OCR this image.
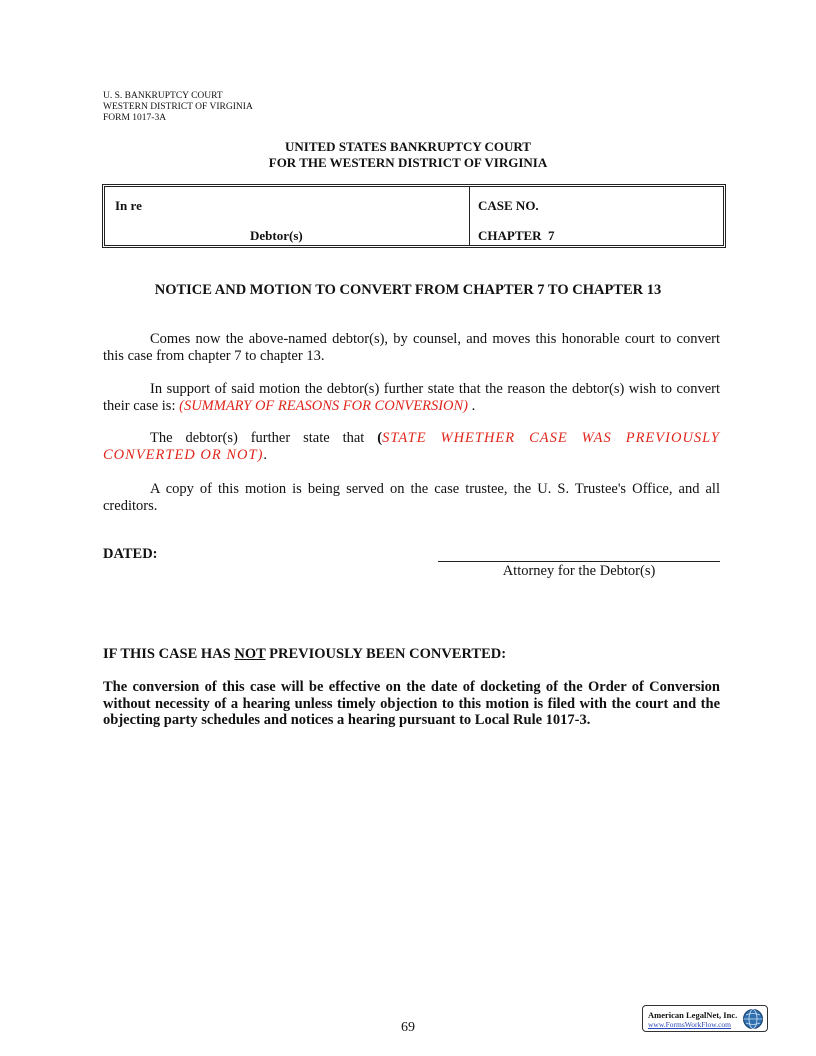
U. S. BANKRUPTCY COURT
WESTERN DISTRICT OF VIRGINIA
FORM 1017-3A
UNITED STATES BANKRUPTCY COURT
FOR THE WESTERN DISTRICT OF VIRGINIA
In re
Debtor(s)
CASE NO.
CHAPTER  7
NOTICE AND MOTION TO CONVERT FROM CHAPTER 7 TO CHAPTER 13
Comes now the above-named debtor(s), by counsel, and moves this honorable court to convert this case from chapter 7 to chapter 13.
In support of said motion the debtor(s) further state that the reason the debtor(s) wish to convert their case is: (SUMMARY OF REASONS FOR CONVERSION) .
The debtor(s) further state that (STATE WHETHER CASE WAS PREVIOUSLY CONVERTED OR NOT).
A copy of this motion is being served on the case trustee, the U. S. Trustee's Office, and all creditors.
DATED:
Attorney for the Debtor(s)
IF THIS CASE HAS NOT PREVIOUSLY BEEN CONVERTED:
The conversion of this case will be effective on the date of docketing of the Order of Conversion without necessity of a hearing unless timely objection to this motion is filed with the court and the objecting party schedules and notices a hearing pursuant to Local Rule 1017-3.
69
American LegalNet, Inc.
www.FormsWorkFlow.com
